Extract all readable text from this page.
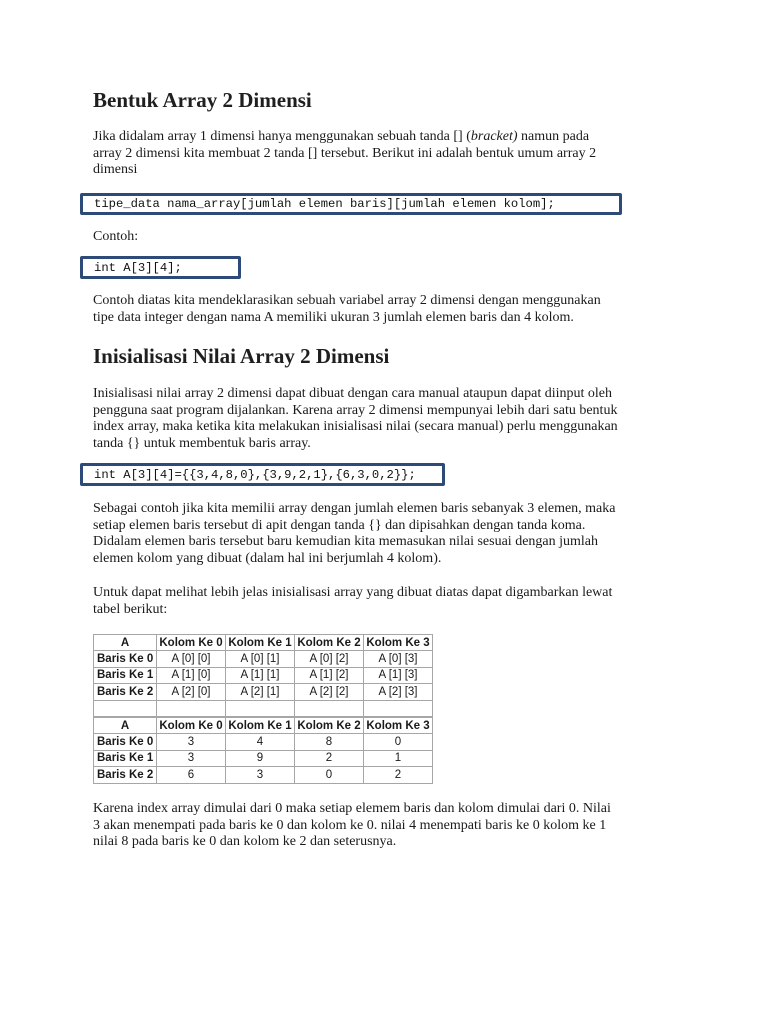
Bentuk Array 2 Dimensi

Jika didalam array 1 dimensi hanya menggunakan sebuah tanda [] (bracket) namun pada
array 2 dimensi kita membuat 2 tanda [] tersebut. Berikut ini adalah bentuk umum array 2
dimensi

tipe_data nama_array[jumlah elemen baris][jumlah elemen kolom];

Contoh:

int A[3][4];

Contoh diatas kita mendeklarasikan sebuah variabel array 2 dimensi dengan menggunakan
tipe data integer dengan nama A memiliki ukuran 3 jumlah elemen baris dan 4 kolom.

Inisialisasi Nilai Array 2 Dimensi

Inisialisasi nilai array 2 dimensi dapat dibuat dengan cara manual ataupun dapat diinput oleh
pengguna saat program dijalankan. Karena array 2 dimensi mempunyai lebih dari satu bentuk
index array, maka ketika kita melakukan inisialisasi nilai (secara manual) perlu menggunakan
tanda {} untuk membentuk baris array.

int A[3][4]={{3,4,8,0},{3,9,2,1},{6,3,0,2}};

Sebagai contoh jika kita memilii array dengan jumlah elemen baris sebanyak 3 elemen, maka
setiap elemen baris tersebut di apit dengan tanda {} dan dipisahkan dengan tanda koma.
Didalam elemen baris tersebut baru kemudian kita memasukan nilai sesuai dengan jumlah
elemen kolom yang dibuat (dalam hal ini berjumlah 4 kolom).

Untuk dapat melihat lebih jelas inisialisasi array yang dibuat diatas dapat digambarkan lewat
tabel berikut:

A	Kolom Ke 0	Kolom Ke 1	Kolom Ke 2	Kolom Ke 3
Baris Ke 0	A [0] [0]	A [0] [1]	A [0] [2]	A [0] [3]
Baris Ke 1	A [1] [0]	A [1] [1]	A [1] [2]	A [1] [3]
Baris Ke 2	A [2] [0]	A [2] [1]	A [2] [2]	A [2] [3]

A	Kolom Ke 0	Kolom Ke 1	Kolom Ke 2	Kolom Ke 3
Baris Ke 0	3	4	8	0
Baris Ke 1	3	9	2	1
Baris Ke 2	6	3	0	2

Karena index array dimulai dari 0 maka setiap elemem baris dan kolom dimulai dari 0. Nilai
3 akan menempati pada baris ke 0 dan kolom ke 0. nilai 4 menempati baris ke 0 kolom ke 1
nilai 8 pada baris ke 0 dan kolom ke 2 dan seterusnya.
